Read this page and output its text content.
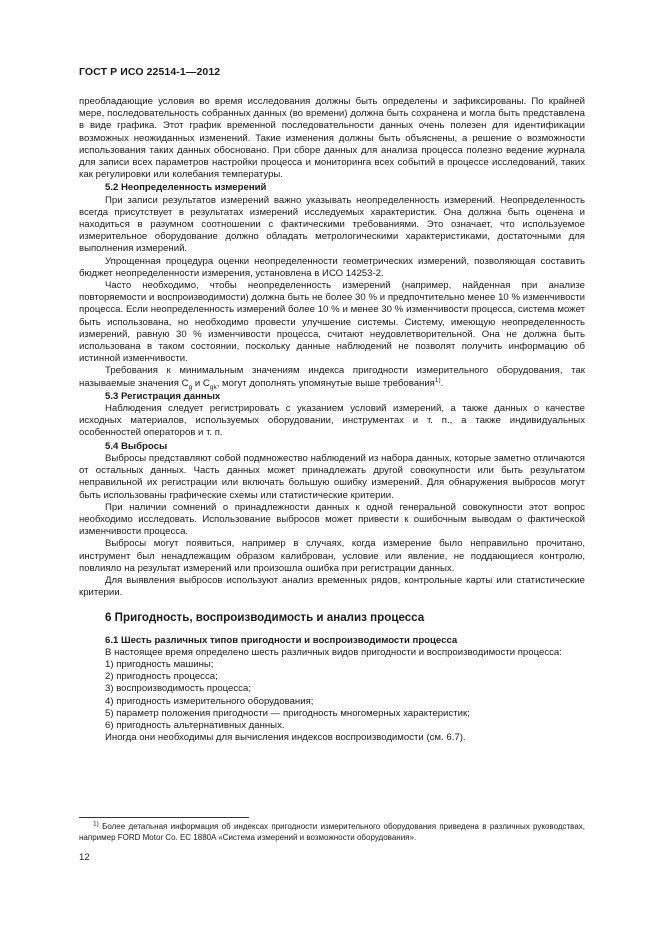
ГОСТ Р ИСО 22514-1—2012

преобладающие условия во время исследования должны быть определены и зафиксированы. По крайней мере, последовательность собранных данных (во времени) должна быть сохранена и могла быть представлена в виде графика. Этот график временной последовательности данных очень полезен для идентификации возможных неожиданных изменений. Такие изменения должны быть объяснены, а решение о возможности использования таких данных обосновано. При сборе данных для анализа процесса полезно ведение журнала для записи всех параметров настройки процесса и мониторинга всех событий в процессе исследований, таких как регулировки или колебания температуры.

5.2 Неопределенность измерений

При записи результатов измерений важно указывать неопределенность измерений. Неопределенность всегда присутствует в результатах измерений исследуемых характеристик. Она должна быть оценена и находиться в разумном соотношении с фактическими требованиями. Это означает, что используемое измерительное оборудование должно обладать метрологическими характеристиками, достаточными для выполнения измерений.

Упрощенная процедура оценки неопределенности геометрических измерений, позволяющая составить бюджет неопределенности измерения, установлена в ИСО 14253-2.

Часто необходимо, чтобы неопределенность измерений (например, найденная при анализе повторяемости и воспроизводимости) должна быть не более 30 % и предпочтительно менее 10 % изменчивости процесса. Если неопределенность измерений более 10 % и менее 30 % изменчивости процесса, система может быть использована, но необходимо провести улучшение системы. Систему, имеющую неопределенность измерений, равную 30 % изменчивости процесса, считают неудовлетворительной. Она не должна быть использована в таком состоянии, поскольку данные наблюдений не позволят получить информацию об истинной изменчивости.

Требования к минимальным значениям индекса пригодности измерительного оборудования, так называемые значения $C_g$ и $C_{gk}$, могут дополнять упомянутые выше требования$^{1)}$.

5.3 Регистрация данных

Наблюдения следует регистрировать с указанием условий измерений, а также данных о качестве исходных материалов, используемых оборудовании, инструментах и т. п., а также индивидуальных особенностей операторов и т. п.

5.4 Выбросы

Выбросы представляют собой подмножество наблюдений из набора данных, которые заметно отличаются от остальных данных. Часть данных может принадлежать другой совокупности или быть результатом неправильной их регистрации или включать большую ошибку измерений. Для обнаружения выбросов могут быть использованы графические схемы или статистические критерии.

При наличии сомнений о принадлежности данных к одной генеральной совокупности этот вопрос необходимо исследовать. Использование выбросов может привести к ошибочным выводам о фактической изменчивости процесса.

Выбросы могут появиться, например в случаях, когда измерение было неправильно прочитано, инструмент был ненадлежащим образом калиброван, условие или явление, не поддающиеся контролю, повлияло на результат измерений или произошла ошибка при регистрации данных.

Для выявления выбросов используют анализ временных рядов, контрольные карты или статистические критерии.

6 Пригодность, воспроизводимость и анализ процесса
6.1 Шесть различных типов пригодности и воспроизводимости процесса

В настоящее время определено шесть различных видов пригодности и воспроизводимости процесса:

1) пригодность машины;
2) пригодность процесса;
3) воспроизводимость процесса;
4) пригодность измерительного оборудования;
5) параметр положения пригодности — пригодность многомерных характеристик;
6) пригодность альтернативных данных.

Иногда они необходимы для вычисления индексов воспроизводимости (см. 6.7).

$^{1)}$ Более детальная информация об индексах пригодности измерительного оборудования приведена в различных руководствах, например FORD Motor Co. EC 1880A «Система измерений и возможности оборудования».
12
